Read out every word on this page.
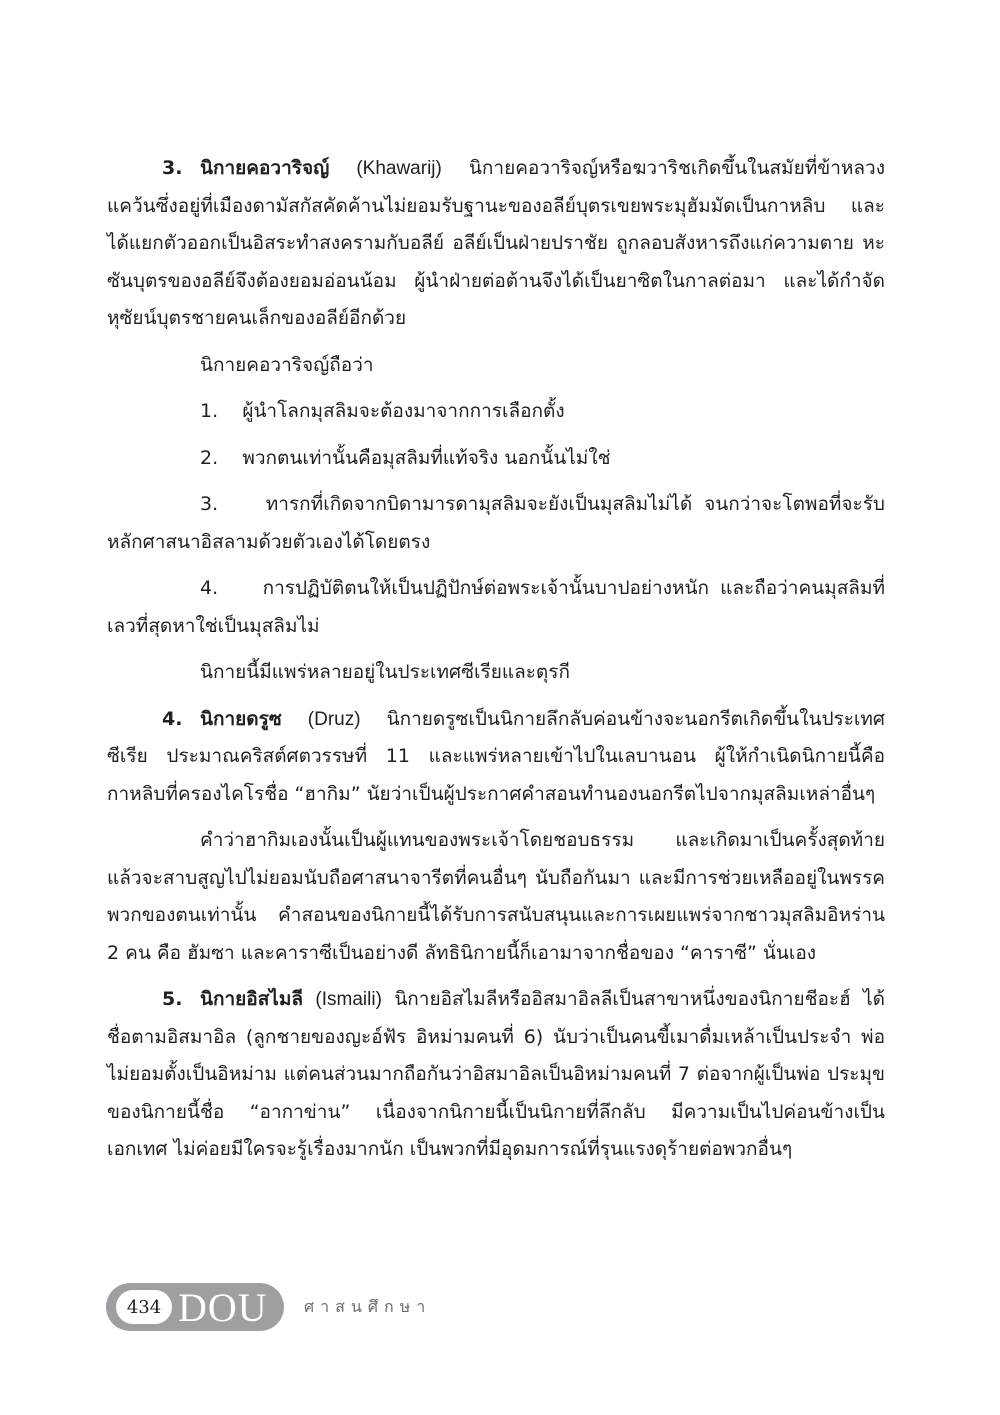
3. นิกายคอวาริจญ์ (Khawarij) นิกายคอวาริจญ์หรือฆวาริชเกิดขึ้นในสมัยที่ข้าหลวงแคว้นซึ่งอยู่ที่เมืองดามัสกัสคัดค้านไม่ยอมรับฐานะของอลีย์บุตรเขยพระมุฮัมมัดเป็นกาหลิบ และได้แยกตัวออกเป็นอิสระทำสงครามกับอลีย์ อลีย์เป็นฝ่ายปราชัย ถูกลอบสังหารถึงแก่ความตาย หะซันบุตรของอลีย์จึงต้องยอมอ่อนน้อม ผู้นำฝ่ายต่อต้านจึงได้เป็นยาซิตในกาลต่อมา และได้กำจัดหุซัยน์บุตรชายคนเล็กของอลีย์อีกด้วย

นิกายคอวาริจญ์ถือว่า

1. ผู้นำโลกมุสลิมจะต้องมาจากการเลือกตั้ง

2. พวกตนเท่านั้นคือมุสลิมที่แท้จริง นอกนั้นไม่ใช่

3.	ทารกที่เกิดจากบิดามารดามุสลิมจะยังเป็นมุสลิมไม่ได้ จนกว่าจะโตพอที่จะรับหลักศาสนาอิสลามด้วยตัวเองได้โดยตรง

4. การปฏิบัติตนให้เป็นปฏิปักษ์ต่อพระเจ้านั้นบาปอย่างหนัก และถือว่าคนมุสลิมที่เลวที่สุดหาใช่เป็นมุสลิมไม่

นิกายนี้มีแพร่หลายอยู่ในประเทศซีเรียและตุรกี

4. นิกายดรูซ (Druz) นิกายดรูซเป็นนิกายลึกลับค่อนข้างจะนอกรีตเกิดขึ้นในประเทศซีเรีย ประมาณคริสต์ศตวรรษที่ 11 และแพร่หลายเข้าไปในเลบานอน ผู้ให้กำเนิดนิกายนี้คือกาหลิบที่ครองไคโรชื่อ “ฮากิม” นัยว่าเป็นผู้ประกาศคำสอนทำนองนอกรีตไปจากมุสลิมเหล่าอื่นๆ

คำว่าฮากิมเองนั้นเป็นผู้แทนของพระเจ้าโดยชอบธรรม และเกิดมาเป็นครั้งสุดท้าย แล้วจะสาบสูญไปไม่ยอมนับถือศาสนาจารีตที่คนอื่นๆ นับถือกันมา และมีการช่วยเหลืออยู่ในพรรคพวกของตนเท่านั้น คำสอนของนิกายนี้ได้รับการสนับสนุนและการเผยแพร่จากชาวมุสลิมอิหร่าน 2 คน คือ ฮัมซา และคาราซีเป็นอย่างดี ลัทธินิกายนี้ก็เอามาจากชื่อของ “คาราซี” นั่นเอง

5. นิกายอิสไมลี (Ismaili) นิกายอิสไมลีหรืออิสมาอิลลีเป็นสาขาหนึ่งของนิกายชีอะฮ์ ได้ชื่อตามอิสมาอิล (ลูกชายของญะอ์ฟัร อิหม่ามคนที่ 6) นับว่าเป็นคนขี้เมาดื่มเหล้าเป็นประจำ พ่อไม่ยอมตั้งเป็นอิหม่าม แต่คนส่วนมากถือกันว่าอิสมาอิลเป็นอิหม่ามคนที่ 7 ต่อจากผู้เป็นพ่อ ประมุขของนิกายนี้ชื่อ “อากาข่าน” เนื่องจากนิกายนี้เป็นนิกายที่ลึกลับ มีความเป็นไปค่อนข้างเป็นเอกเทศ ไม่ค่อยมีใครจะรู้เรื่องมากนัก เป็นพวกที่มีอุดมการณ์ที่รุนแรงดุร้ายต่อพวกอื่นๆ

434 DOU ศาสนศึกษา
